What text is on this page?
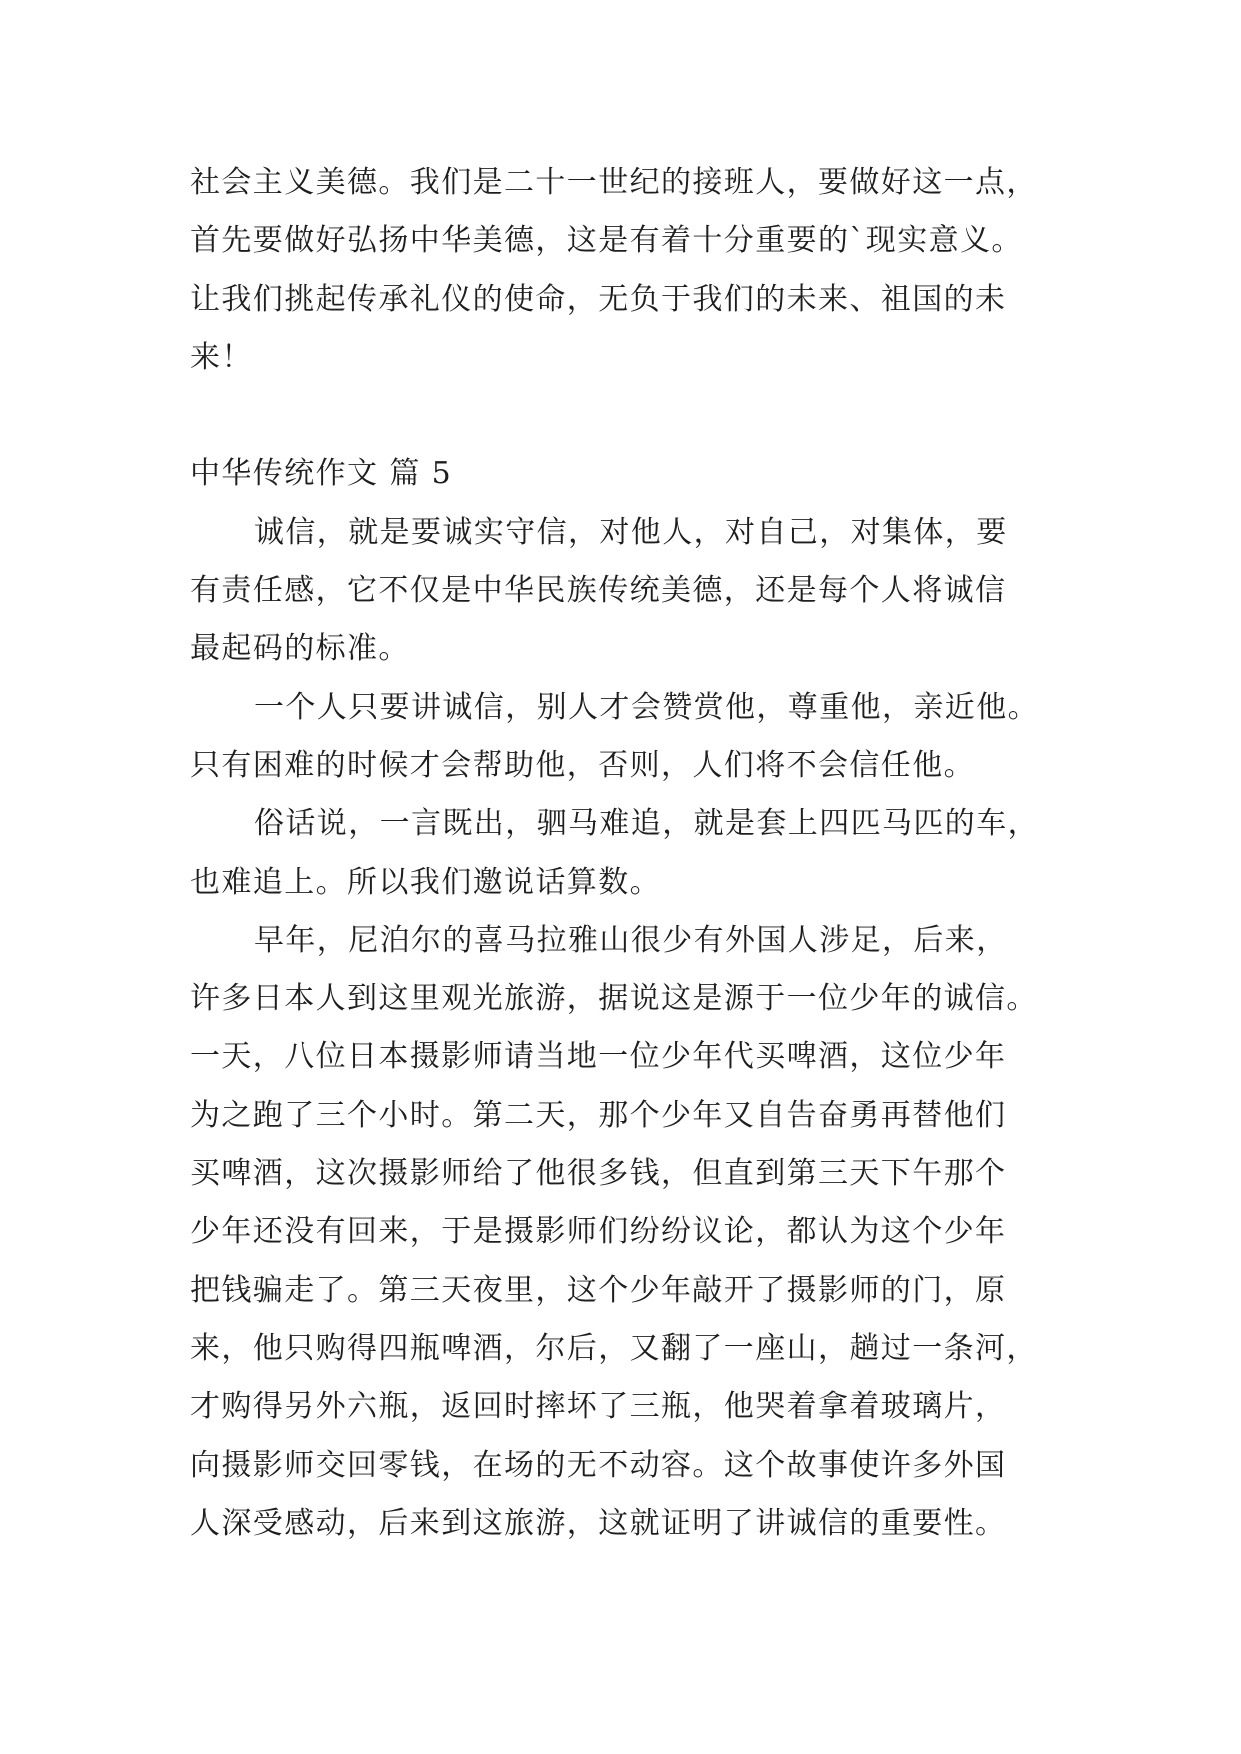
社会主义美德。我们是二十一世纪的接班人，要做好这一点，
首先要做好弘扬中华美德，这是有着十分重要的`现实意义。
让我们挑起传承礼仪的使命，无负于我们的未来、祖国的未
来！
中华传统作文 篇 5
诚信，就是要诚实守信，对他人，对自己，对集体，要
有责任感，它不仅是中华民族传统美德，还是每个人将诚信
最起码的标准。
一个人只要讲诚信，别人才会赞赏他，尊重他，亲近他。
只有困难的时候才会帮助他，否则，人们将不会信任他。
俗话说，一言既出，驷马难追，就是套上四匹马匹的车，
也难追上。所以我们邀说话算数。
早年，尼泊尔的喜马拉雅山很少有外国人涉足，后来，
许多日本人到这里观光旅游，据说这是源于一位少年的诚信。
一天，八位日本摄影师请当地一位少年代买啤酒，这位少年
为之跑了三个小时。第二天，那个少年又自告奋勇再替他们
买啤酒，这次摄影师给了他很多钱，但直到第三天下午那个
少年还没有回来，于是摄影师们纷纷议论，都认为这个少年
把钱骗走了。第三天夜里，这个少年敲开了摄影师的门，原
来，他只购得四瓶啤酒，尔后，又翻了一座山，趟过一条河，
才购得另外六瓶，返回时摔坏了三瓶，他哭着拿着玻璃片，
向摄影师交回零钱，在场的无不动容。这个故事使许多外国
人深受感动，后来到这旅游，这就证明了讲诚信的重要性。
